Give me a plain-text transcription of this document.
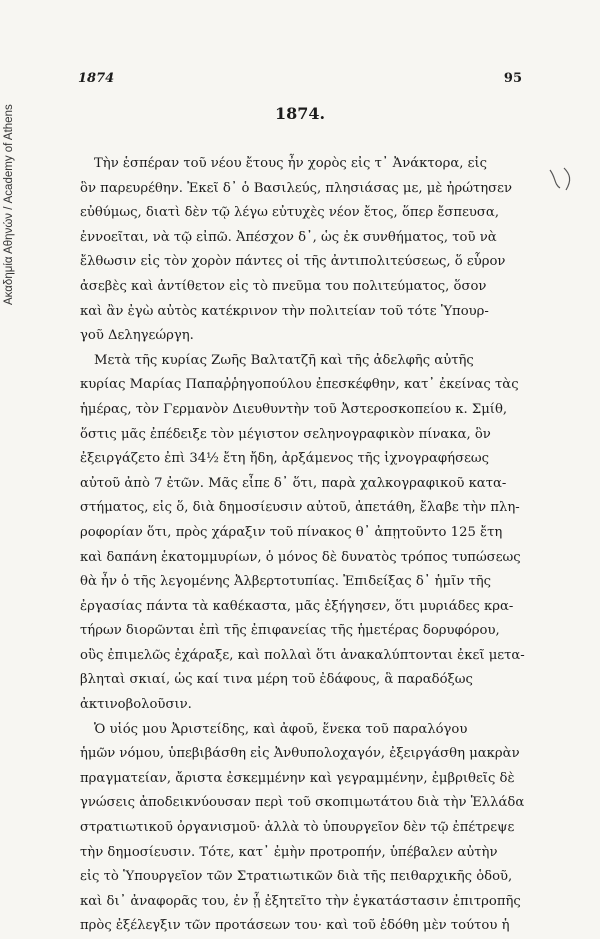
Ακαδημία Αθηνών / Academy of Athens
1874	95
1874.
Τὴν ἑσπέραν τοῦ νέου ἔτους ἦν χορὸς εἰς τ᾽ Ἀνάκτορα, εἰς
ὃν παρευρέθην. Ἐκεῖ δ᾽ ὁ Βασιλεύς, πλησιάσας με, μὲ ἠρώτησεν
εὐθύμως, διατὶ δὲν τῷ λέγω εὐτυχὲς νέον ἔτος, ὅπερ ἔσπευσα,
ἐννοεῖται, νὰ τῷ εἰπῶ. Ἀπέσχον δ᾽, ὡς ἐκ συνθήματος, τοῦ νὰ
ἔλθωσιν εἰς τὸν χορὸν πάντες οἱ τῆς ἀντιπολιτεύσεως, ὅ εὗρον
ἀσεβὲς καὶ ἀντίθετον εἰς τὸ πνεῦμα του πολιτεύματος, ὅσον
καὶ ἂν ἐγὼ αὐτὸς κατέκρινον τὴν πολιτείαν τοῦ τότε Ὑπουρ-
γοῦ Δεληγεώργη.
Μετὰ τῆς κυρίας Ζωῆς Βαλτατζῆ καὶ τῆς ἀδελφῆς αὐτῆς
κυρίας Μαρίας Παπαῤῥηγοπούλου ἐπεσκέφθην, κατ᾽ ἐκείνας τὰς
ἡμέρας, τὸν Γερμανὸν Διευθυντὴν τοῦ Ἀστεροσκοπείου κ. Σμίθ,
ὅστις μᾶς ἐπέδειξε τὸν μέγιστον σεληνογραφικὸν πίνακα, ὃν
ἐξειργάζετο ἐπὶ 34½ ἔτη ἤδη, ἀρξάμενος τῆς ἰχνογραφήσεως
αὐτοῦ ἀπὸ 7 ἐτῶν. Μᾶς εἶπε δ᾽ ὅτι, παρὰ χαλκογραφικοῦ κατα-
στήματος, εἰς ὅ, διὰ δημοσίευσιν αὐτοῦ, ἀπετάθη, ἔλαβε τὴν πλη-
ροφορίαν ὅτι, πρὸς χάραξιν τοῦ πίνακος θ᾽ ἀπῃτοῦντο 125 ἔτη
καὶ δαπάνη ἑκατομμυρίων, ὁ μόνος δὲ δυνατὸς τρόπος τυπώσεως
θὰ ἦν ὁ τῆς λεγομένης Ἀλβερτοτυπίας. Ἐπιδείξας δ᾽ ἡμῖν τῆς
ἐργασίας πάντα τὰ καθέκαστα, μᾶς ἐξήγησεν, ὅτι μυριάδες κρα-
τήρων διορῶνται ἐπὶ τῆς ἐπιφανείας τῆς ἡμετέρας δορυφόρου,
οὓς ἐπιμελῶς ἐχάραξε, καὶ πολλαὶ ὅτι ἀνακαλύπτονται ἐκεῖ μετα-
βληταὶ σκιαί, ὡς καί τινα μέρη τοῦ ἐδάφους, ἃ παραδόξως
ἀκτινοβολοῦσιν.
Ὁ υἱός μου Ἀριστείδης, καὶ ἀφοῦ, ἕνεκα τοῦ παραλόγου
ἡμῶν νόμου, ὑπεβιβάσθη εἰς Ἀνθυπολοχαγόν, ἐξειργάσθη μακρὰν
πραγματείαν, ἄριστα ἐσκεμμένην καὶ γεγραμμένην, ἐμβριθεῖς δὲ
γνώσεις ἀποδεικνύουσαν περὶ τοῦ σκοπιμωτάτου διὰ τὴν Ἑλλάδα
στρατιωτικοῦ ὀργανισμοῦ· ἀλλὰ τὸ ὑπουργεῖον δὲν τῷ ἐπέτρεψε
τὴν δημοσίευσιν. Τότε, κατ᾽ ἐμὴν προτροπήν, ὑπέβαλεν αὐτὴν
εἰς τὸ Ὑπουργεῖον τῶν Στρατιωτικῶν διὰ τῆς πειθαρχικῆς ὁδοῦ,
καὶ δι᾽ ἀναφορᾶς του, ἐν ᾗ ἐξητεῖτο τὴν ἐγκατάστασιν ἐπιτροπῆς
πρὸς ἐξέλεγξιν τῶν προτάσεων του· καὶ τοῦ ἐδόθη μὲν τούτου ἡ
